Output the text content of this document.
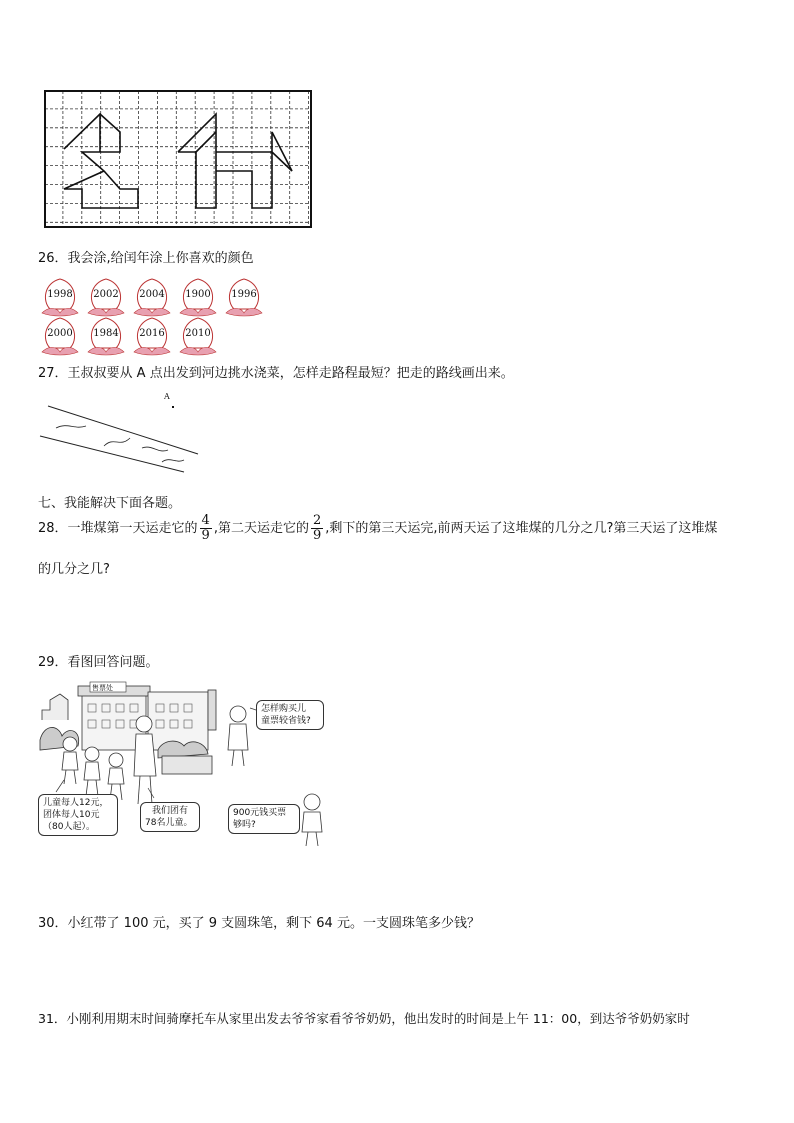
26．我会涂,给闰年涂上你喜欢的颜色
1998	2002	2004	1900	1996
2000	1984	2016	2010
27．王叔叔要从 A 点出发到河边挑水浇菜，怎样走路程最短？把走的路线画出来。
A
七、我能解决下面各题。
28．一堆煤第一天运走它的 $\frac{4}{9}$ ,第二天运走它的 $\frac{2}{9}$ ,剩下的第三天运完,前两天运了这堆煤的几分之几?第三天运了这堆煤
的几分之几?
29．看图回答问题。
售票处
儿童每人12元，
团体每人10元
（80人起）。
我们团有
78名儿童。
怎样购买儿
童票较省钱?
900元钱买票
够吗?
30．小红带了 100 元，买了 9 支圆珠笔，剩下 64 元。一支圆珠笔多少钱？
31．小刚利用期末时间骑摩托车从家里出发去爷爷家看爷爷奶奶，他出发时的时间是上午 11：00，到达爷爷奶奶家时
